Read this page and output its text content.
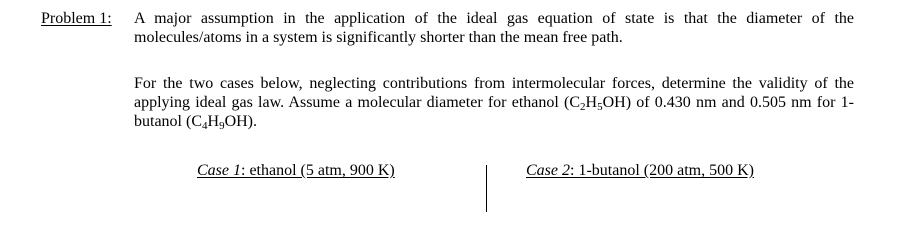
Problem 1: A major assumption in the application of the ideal gas equation of state is that the diameter of the molecules/atoms in a system is significantly shorter than the mean free path.

For the two cases below, neglecting contributions from intermolecular forces, determine the validity of the applying ideal gas law. Assume a molecular diameter for ethanol $(C_2H_5OH)$ of 0.430 nm and 0.505 nm for 1-butanol $(C_4H_9OH)$.

Case 1: ethanol (5 atm, 900 K)	Case 2: 1-butanol (200 atm, 500 K)
